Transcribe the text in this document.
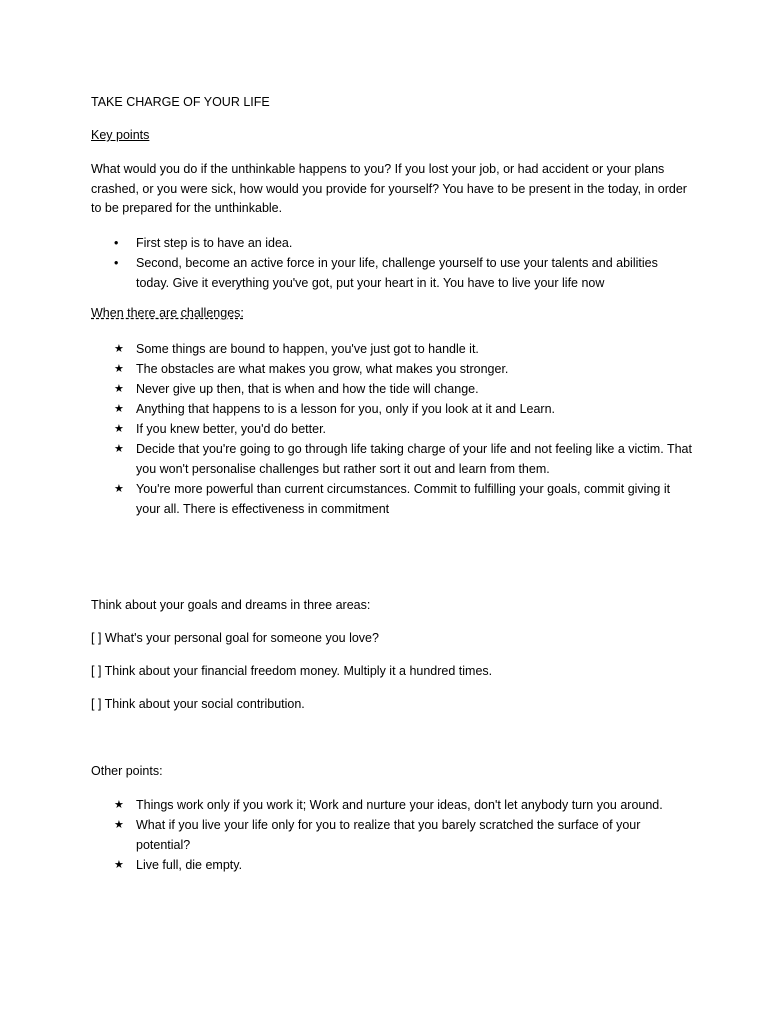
TAKE CHARGE OF YOUR LIFE
Key points
What would you do if the unthinkable happens to you? If you lost your job, or had accident or your plans crashed, or you were sick, how would you provide for yourself? You have to be present in the today, in order to be prepared for the unthinkable.
• First step is to have an idea.
• Second, become an active force in your life, challenge yourself to use your talents and abilities today. Give it everything you've got, put your heart in it. You have to live your life now
When there are challenges:
★ Some things are bound to happen, you've just got to handle it.
★ The obstacles are what makes you grow, what makes you stronger.
★ Never give up then, that is when and how the tide will change.
★ Anything that happens to is a lesson for you, only if you look at it and Learn.
★ If you knew better, you'd do better.
★ Decide that you're going to go through life taking charge of your life and not feeling like a victim. That you won't personalise challenges but rather sort it out and learn from them.
★ You're more powerful than current circumstances. Commit to fulfilling your goals, commit giving it your all. There is effectiveness in commitment
Think about your goals and dreams in three areas:
[ ] What's your personal goal for someone you love?
[ ] Think about your financial freedom money. Multiply it a hundred times.
[ ] Think about your social contribution.
Other points:
★ Things work only if you work it; Work and nurture your ideas, don't let anybody turn you around.
★ What if you live your life only for you to realize that you barely scratched the surface of your potential?
★ Live full, die empty.
